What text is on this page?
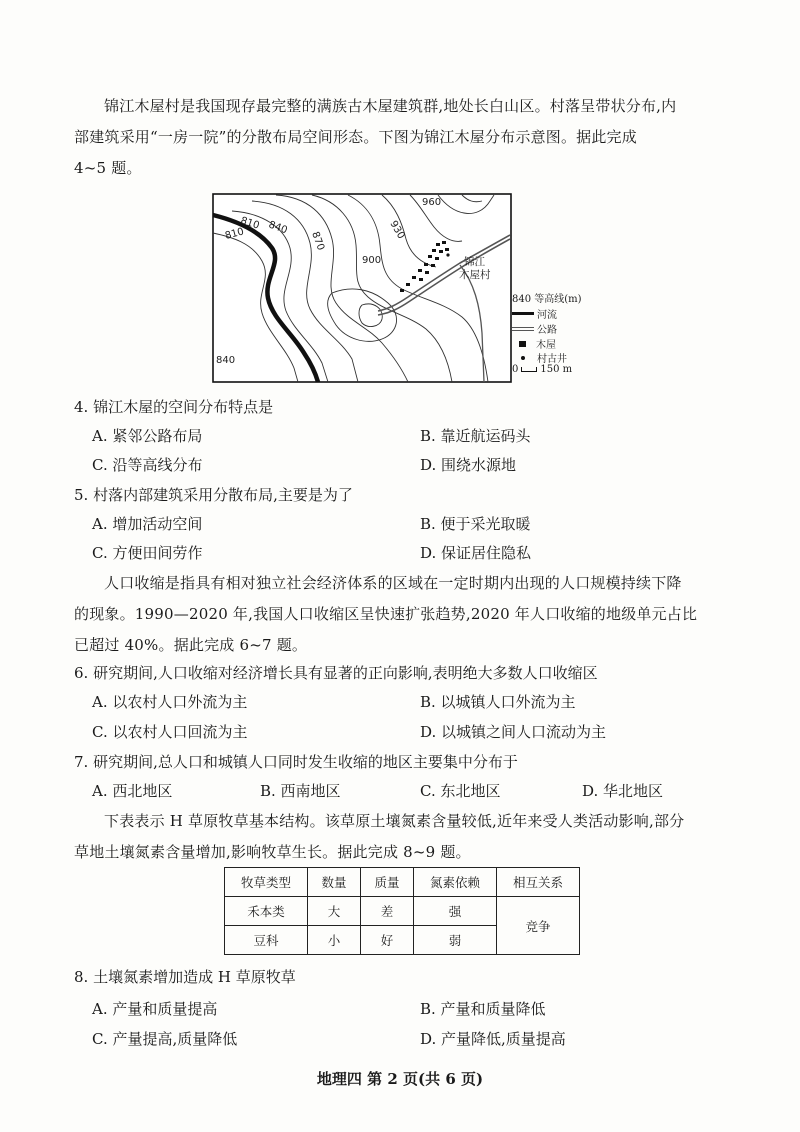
锦江木屋村是我国现存最完整的满族古木屋建筑群,地处长白山区。村落呈带状分布,内
部建筑采用“一房一院”的分散布局空间形态。下图为锦江木屋分布示意图。据此完成
4~5 题。
810 840
810	870
930
960
900
840
锦江
木屋村
840 等高线(m)
河流
公路
木屋
村古井
0 150 m
4. 锦江木屋的空间分布特点是
A. 紧邻公路布局	B. 靠近航运码头
C. 沿等高线分布	D. 围绕水源地
5. 村落内部建筑采用分散布局,主要是为了
A. 增加活动空间	B. 便于采光取暖
C. 方便田间劳作	D. 保证居住隐私
人口收缩是指具有相对独立社会经济体系的区域在一定时期内出现的人口规模持续下降
的现象。1990—2020 年,我国人口收缩区呈快速扩张趋势,2020 年人口收缩的地级单元占比
已超过 40%。据此完成 6~7 题。
6. 研究期间,人口收缩对经济增长具有显著的正向影响,表明绝大多数人口收缩区
A. 以农村人口外流为主	B. 以城镇人口外流为主
C. 以农村人口回流为主	D. 以城镇之间人口流动为主
7. 研究期间,总人口和城镇人口同时发生收缩的地区主要集中分布于
A. 西北地区	B. 西南地区	C. 东北地区	D. 华北地区
下表表示 H 草原牧草基本结构。该草原土壤氮素含量较低,近年来受人类活动影响,部分
草地土壤氮素含量增加,影响牧草生长。据此完成 8~9 题。
牧草类型	数量	质量	氮素依赖	相互关系
禾本类	大	差	强	竞争
豆科	小	好	弱	
8. 土壤氮素增加造成 H 草原牧草
A. 产量和质量提高	B. 产量和质量降低
C. 产量提高,质量降低	D. 产量降低,质量提高
地理四 第 2 页(共 6 页)
